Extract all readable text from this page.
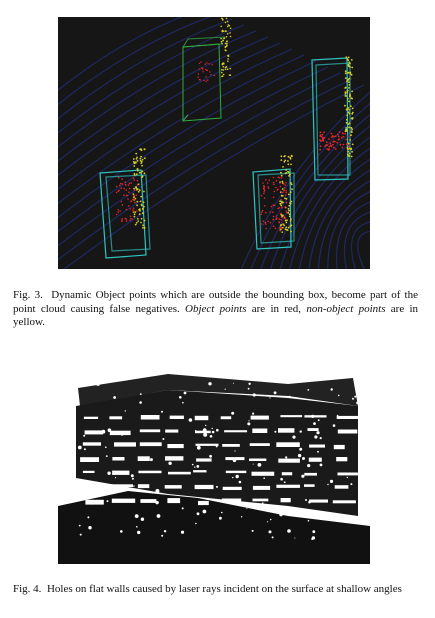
Fig. 3. Dynamic Object points which are outside the bounding box, become part of the point cloud causing false negatives. Object points are in red, non-object points are in yellow.
Fig. 4. Holes on flat walls caused by laser rays incident on the surface at shallow angles
